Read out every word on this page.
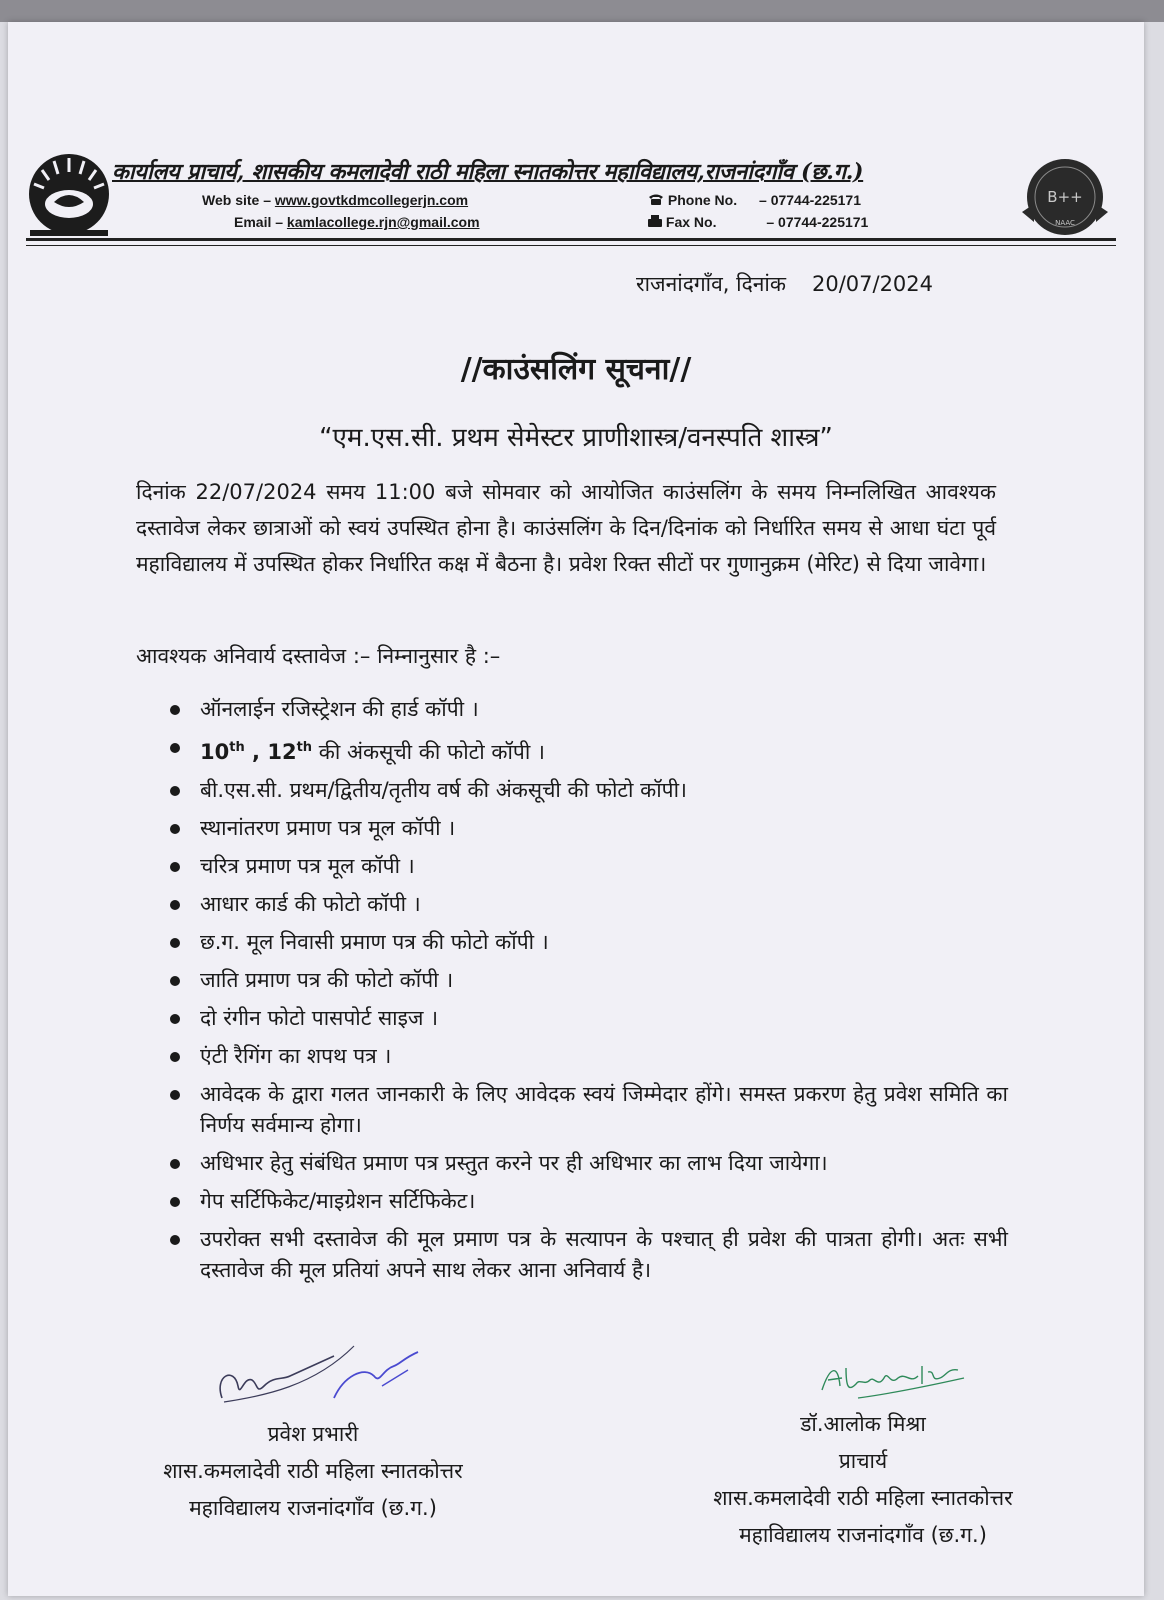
कार्यालय प्राचार्य, शासकीय कमलादेवी राठी महिला स्नातकोत्तर महाविद्यालय,राजनांदगाँव (छ.ग.)
Web site – www.govtkdmcollegerjn.com
Email – kamlacollege.rjn@gmail.com
Phone No. – 07744-225171
Fax No.	– 07744-225171
B++
NAAC
राजनांदगाँव, दिनांक 20/07/2024
//काउंसलिंग सूचना//
“एम.एस.सी. प्रथम सेमेस्टर प्राणीशास्त्र/वनस्पति शास्त्र”
दिनांक 22/07/2024 समय 11:00 बजे सोमवार को आयोजित काउंसलिंग के समय निम्नलिखित आवश्यक दस्तावेज लेकर छात्राओं को स्वयं उपस्थित होना है। काउंसलिंग के दिन/दिनांक को निर्धारित समय से आधा घंटा पूर्व महाविद्यालय में उपस्थित होकर निर्धारित कक्ष में बैठना है। प्रवेश रिक्त सीटों पर गुणानुक्रम (मेरिट) से दिया जावेगा।
आवश्यक अनिवार्य दस्तावेज :– निम्नानुसार है :–
ऑनलाईन रजिस्ट्रेशन की हार्ड कॉपी ।
10th , 12th की अंकसूची की फोटो कॉपी ।
बी.एस.सी. प्रथम/द्वितीय/तृतीय वर्ष की अंकसूची की फोटो कॉपी।
स्थानांतरण प्रमाण पत्र मूल कॉपी ।
चरित्र प्रमाण पत्र मूल कॉपी ।
आधार कार्ड की फोटो कॉपी ।
छ.ग. मूल निवासी प्रमाण पत्र की फोटो कॉपी ।
जाति प्रमाण पत्र की फोटो कॉपी ।
दो रंगीन फोटो पासपोर्ट साइज ।
एंटी रैगिंग का शपथ पत्र ।
आवेदक के द्वारा गलत जानकारी के लिए आवेदक स्वयं जिम्मेदार होंगे। समस्त प्रकरण हेतु प्रवेश समिति का निर्णय सर्वमान्य होगा।
अधिभार हेतु संबंधित प्रमाण पत्र प्रस्तुत करने पर ही अधिभार का लाभ दिया जायेगा।
गेप सर्टिफिकेट/माइग्रेशन सर्टिफिकेट।
उपरोक्त सभी दस्तावेज की मूल प्रमाण पत्र के सत्यापन के पश्चात् ही प्रवेश की पात्रता होगी। अतः सभी दस्तावेज की मूल प्रतियां अपने साथ लेकर आना अनिवार्य है।
प्रवेश प्रभारी
शास.कमलादेवी राठी महिला स्नातकोत्तर
महाविद्यालय राजनांदगाँव (छ.ग.)
डॉ.आलोक मिश्रा
प्राचार्य
शास.कमलादेवी राठी महिला स्नातकोत्तर
महाविद्यालय राजनांदगाँव (छ.ग.)
